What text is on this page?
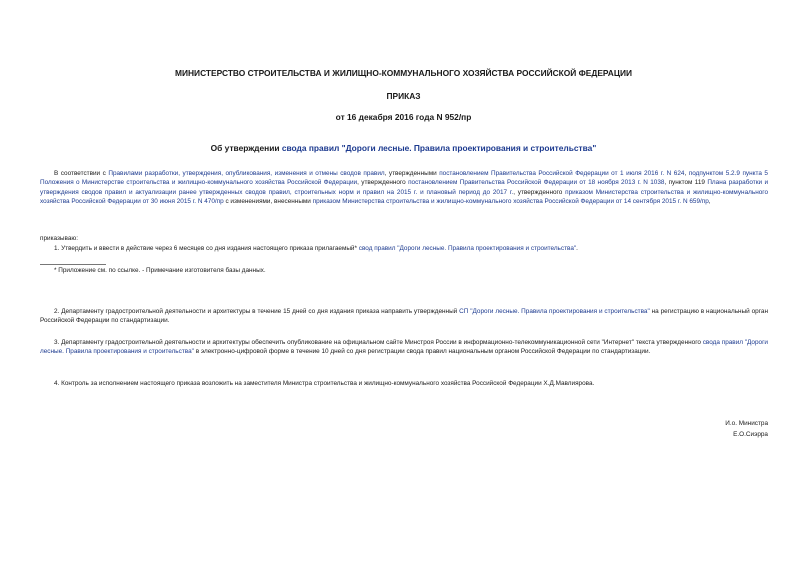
МИНИСТЕРСТВО СТРОИТЕЛЬСТВА И ЖИЛИЩНО-КОММУНАЛЬНОГО ХОЗЯЙСТВА РОССИЙСКОЙ ФЕДЕРАЦИИ

ПРИКАЗ

от 16 декабря 2016 года N 952/пр

Об утверждении свода правил "Дороги лесные. Правила проектирования и строительства"

В соответствии с Правилами разработки, утверждения, опубликования, изменения и отмены сводов правил, утвержденными постановлением Правительства Российской Федерации от 1 июля 2016 г. N 624, подпунктом 5.2.9 пункта 5 Положения о Министерстве строительства и жилищно-коммунального хозяйства Российской Федерации, утвержденного постановлением Правительства Российской Федерации от 18 ноября 2013 г. N 1038, пунктом 119 Плана разработки и утверждения сводов правил и актуализации ранее утвержденных сводов правил, строительных норм и правил на 2015 г. и плановый период до 2017 г., утвержденного приказом Министерства строительства и жилищно-коммунального хозяйства Российской Федерации от 30 июня 2015 г. N 470/пр с изменениями, внесенными приказом Министерства строительства и жилищно-коммунального хозяйства Российской Федерации от 14 сентября 2015 г. N 659/пр,

приказываю:

1. Утвердить и ввести в действие через 6 месяцев со дня издания настоящего приказа прилагаемый* свод правил "Дороги лесные. Правила проектирования и строительства".

* Приложение см. по ссылке. - Примечание изготовителя базы данных.

2. Департаменту градостроительной деятельности и архитектуры в течение 15 дней со дня издания приказа направить утвержденный СП "Дороги лесные. Правила проектирования и строительства" на регистрацию в национальный орган Российской Федерации по стандартизации.

3. Департаменту градостроительной деятельности и архитектуры обеспечить опубликование на официальном сайте Минстроя России в информационно-телекоммуникационной сети "Интернет" текста утвержденного свода правил "Дороги лесные. Правила проектирования и строительства" в электронно-цифровой форме в течение 10 дней со дня регистрации свода правил национальным органом Российской Федерации по стандартизации.

4. Контроль за исполнением настоящего приказа возложить на заместителя Министра строительства и жилищно-коммунального хозяйства Российской Федерации Х.Д.Мавлиярова.

И.о. Министра

Е.О.Сиэрра
